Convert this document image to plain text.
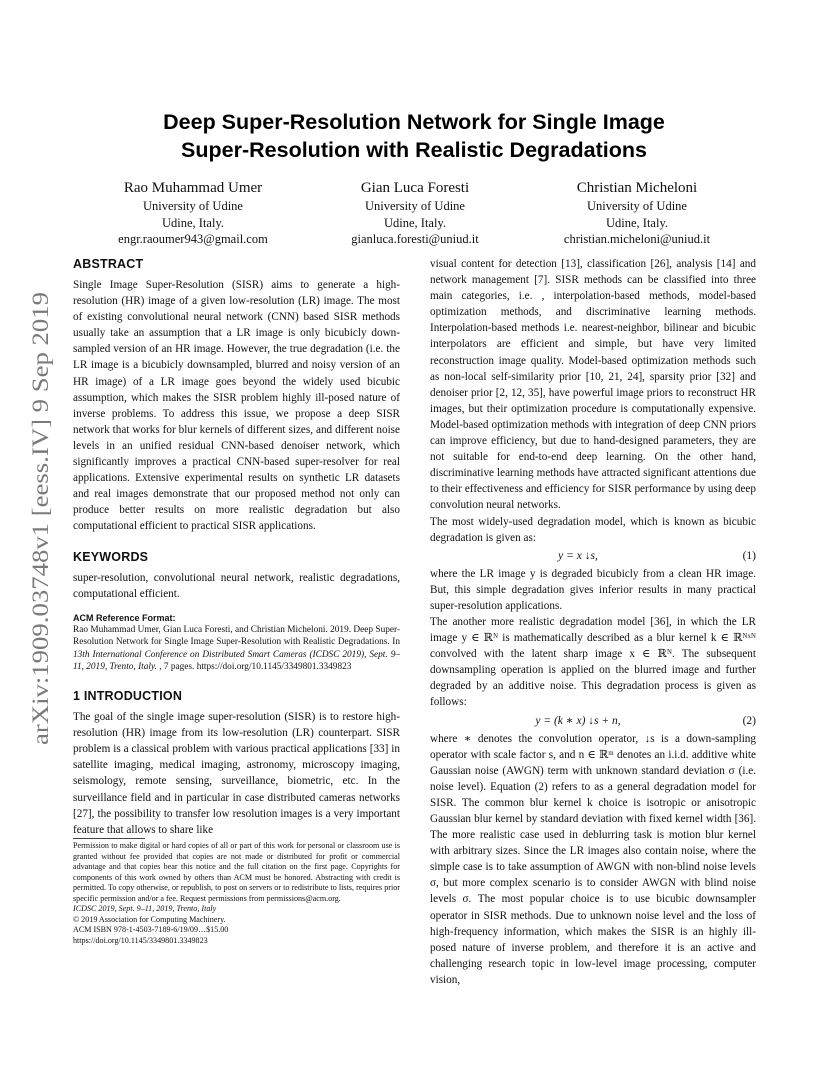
arXiv:1909.03748v1 [eess.IV] 9 Sep 2019
Deep Super-Resolution Network for Single Image
Super-Resolution with Realistic Degradations
Rao Muhammad Umer
University of Udine
Udine, Italy.
engr.raoumer943@gmail.com
Gian Luca Foresti
University of Udine
Udine, Italy.
gianluca.foresti@uniud.it
Christian Micheloni
University of Udine
Udine, Italy.
christian.micheloni@uniud.it
ABSTRACT

Single Image Super-Resolution (SISR) aims to generate a high-resolution (HR) image of a given low-resolution (LR) image. The most of existing convolutional neural network (CNN) based SISR methods usually take an assumption that a LR image is only bicubicly down-sampled version of an HR image. However, the true degradation (i.e. the LR image is a bicubicly downsampled, blurred and noisy version of an HR image) of a LR image goes beyond the widely used bicubic assumption, which makes the SISR problem highly ill-posed nature of inverse problems. To address this issue, we propose a deep SISR network that works for blur kernels of different sizes, and different noise levels in an unified residual CNN-based denoiser network, which significantly improves a practical CNN-based super-resolver for real applications. Extensive experimental results on synthetic LR datasets and real images demonstrate that our proposed method not only can produce better results on more realistic degradation but also computational efficient to practical SISR applications.

KEYWORDS

super-resolution, convolutional neural network, realistic degradations, computational efficient.

ACM Reference Format:

Rao Muhammad Umer, Gian Luca Foresti, and Christian Micheloni. 2019. Deep Super-Resolution Network for Single Image Super-Resolution with Realistic Degradations. In 13th International Conference on Distributed Smart Cameras (ICDSC 2019), Sept. 9–11, 2019, Trento, Italy. , 7 pages. https://doi.org/10.1145/3349801.3349823

1 INTRODUCTION

The goal of the single image super-resolution (SISR) is to restore high-resolution (HR) image from its low-resolution (LR) counterpart. SISR problem is a classical problem with various practical applications [33] in satellite imaging, medical imaging, astronomy, microscopy imaging, seismology, remote sensing, surveillance, biometric, etc. In the surveillance field and in particular in case distributed cameras networks [27], the possibility to transfer low resolution images is a very important feature that allows to share like

Permission to make digital or hard copies of all or part of this work for personal or classroom use is granted without fee provided that copies are not made or distributed for profit or commercial advantage and that copies bear this notice and the full citation on the first page. Copyrights for components of this work owned by others than ACM must be honored. Abstracting with credit is permitted. To copy otherwise, or republish, to post on servers or to redistribute to lists, requires prior specific permission and/or a fee. Request permissions from permissions@acm.org.

ICDSC 2019, Sept. 9–11, 2019, Trento, Italy

© 2019 Association for Computing Machinery.

ACM ISBN 978-1-4503-7189-6/19/09…$15.00

https://doi.org/10.1145/3349801.3349823

visual content for detection [13], classification [26], analysis [14] and network management [7]. SISR methods can be classified into three main categories, i.e. , interpolation-based methods, model-based optimization methods, and discriminative learning methods. Interpolation-based methods i.e. nearest-neighbor, bilinear and bicubic interpolators are efficient and simple, but have very limited reconstruction image quality. Model-based optimization methods such as non-local self-similarity prior [10, 21, 24], sparsity prior [32] and denoiser prior [2, 12, 35], have powerful image priors to reconstruct HR images, but their optimization procedure is computationally expensive. Model-based optimization methods with integration of deep CNN priors can improve efficiency, but due to hand-designed parameters, they are not suitable for end-to-end deep learning. On the other hand, discriminative learning methods have attracted significant attentions due to their effectiveness and efficiency for SISR performance by using deep convolution neural networks.

The most widely-used degradation model, which is known as bicubic degradation is given as:

y = x ↓s,	(1)

where the LR image y is degraded bicubicly from a clean HR image. But, this simple degradation gives inferior results in many practical super-resolution applications.

The another more realistic degradation model [36], in which the LR image y ∈ ℝᴺ is mathematically described as a blur kernel k ∈ ℝᴺˣᴺ convolved with the latent sharp image x ∈ ℝᴺ. The subsequent downsampling operation is applied on the blurred image and further degraded by an additive noise. This degradation process is given as follows:

y = (k ∗ x) ↓s + n,	(2)

where ∗ denotes the convolution operator, ↓s is a down-sampling operator with scale factor s, and n ∈ ℝᵐ denotes an i.i.d. additive white Gaussian noise (AWGN) term with unknown standard deviation σ (i.e. noise level). Equation (2) refers to as a general degradation model for SISR. The common blur kernel k choice is isotropic or anisotropic Gaussian blur kernel by standard deviation with fixed kernel width [36]. The more realistic case used in deblurring task is motion blur kernel with arbitrary sizes. Since the LR images also contain noise, where the simple case is to take assumption of AWGN with non-blind noise levels σ, but more complex scenario is to consider AWGN with blind noise levels σ. The most popular choice is to use bicubic downsampler operator in SISR methods. Due to unknown noise level and the loss of high-frequency information, which makes the SISR is an highly ill-posed nature of inverse problem, and therefore it is an active and challenging research topic in low-level image processing, computer vision,
